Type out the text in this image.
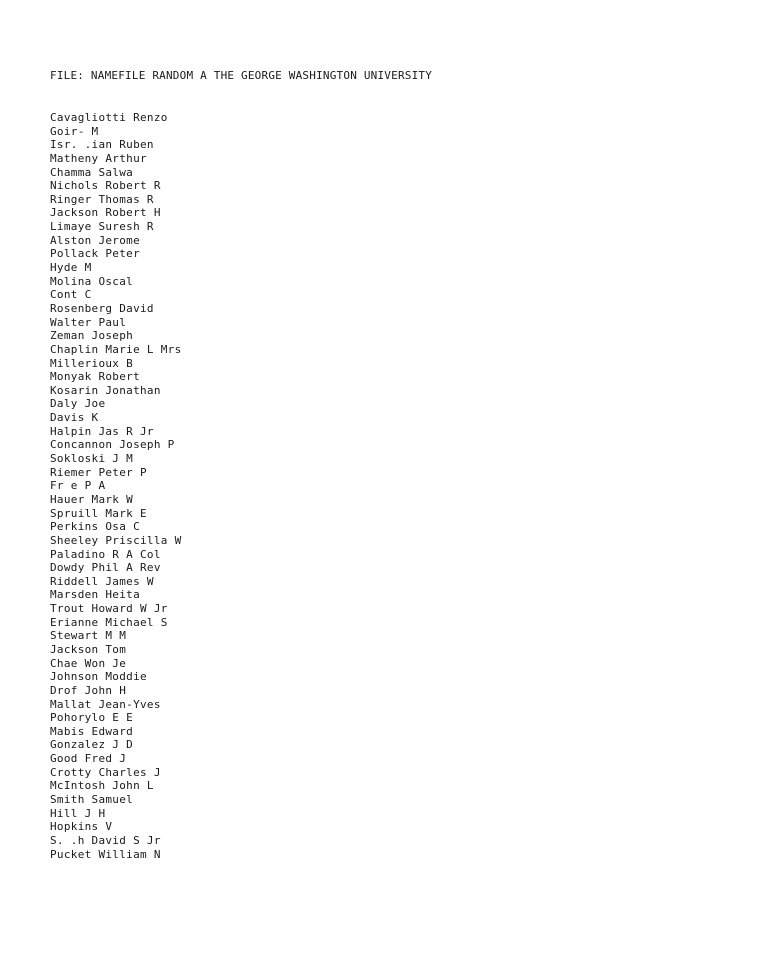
FILE: NAMEFILE RANDOM A THE GEORGE WASHINGTON UNIVERSITY
Cavagliotti Renzo
Goir- M
Isr. .ian Ruben
Matheny Arthur
Chamma Salwa
Nichols Robert R
Ringer Thomas R
Jackson Robert H
Limaye Suresh R
Alston Jerome
Pollack Peter
Hyde M
Molina Oscal
Cont C
Rosenberg David
Walter Paul
Zeman Joseph
Chaplin Marie L Mrs
Millerioux B
Monyak Robert
Kosarin Jonathan
Daly Joe
Davis K
Halpin Jas R Jr
Concannon Joseph P
Sokloski J M
Riemer Peter P
Fr e P A
Hauer Mark W
Spruill Mark E
Perkins Osa C
Sheeley Priscilla W
Paladino R A Col
Dowdy Phil A Rev
Riddell James W
Marsden Heita
Trout Howard W Jr
Erianne Michael S
Stewart M M
Jackson Tom
Chae Won Je
Johnson Moddie
Drof John H
Mallat Jean-Yves
Pohorylo E E
Mabis Edward
Gonzalez J D
Good Fred J
Crotty Charles J
McIntosh John L
Smith Samuel
Hill J H
Hopkins V
S. .h David S Jr
Pucket William N
